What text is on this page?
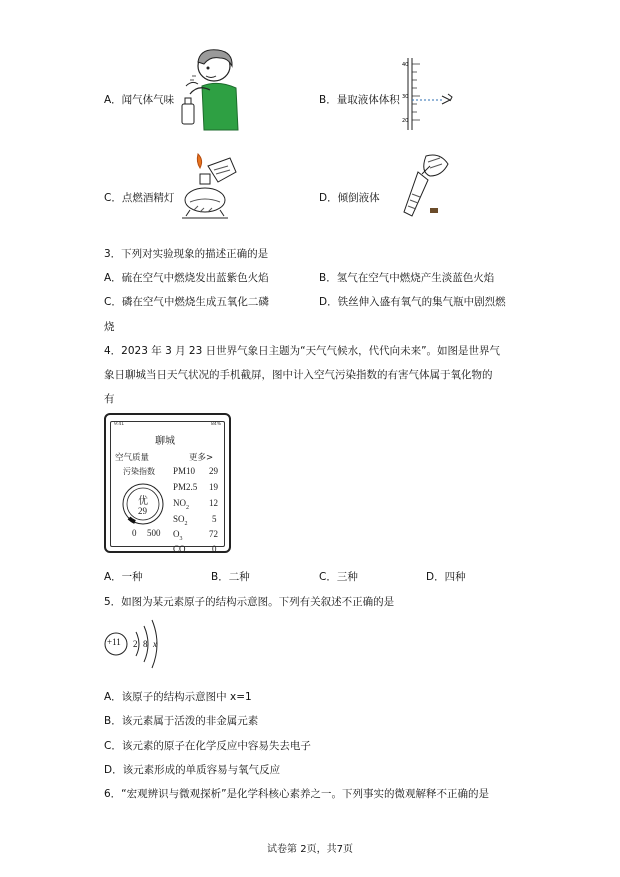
A．闻气体气味	B．量取液体体积
40
30
20
C．点燃酒精灯	D．倾倒液体
3．下列对实验现象的描述正确的是
A．硫在空气中燃烧发出蓝紫色火焰	B．氢气在空气中燃烧产生淡蓝色火焰
C．磷在空气中燃烧生成五氧化二磷	D．铁丝伸入盛有氧气的集气瓶中剧烈燃
烧
4．2023 年 3 月 23 日世界气象日主题为“天气气候水，代代向未来”。如图是世界气
象日聊城当日天气状况的手机截屏，图中计入空气污染指数的有害气体属于氧化物的
有
9:41	84%
聊城
空气质量	更多>
污染指数
优
29
0 500
PM10 29
PM2.5 19
$NO_2$ 12
$SO_2$	5
$O_3$	72
CO	0
A．一种	B．二种	C．三种	D．四种
5．如图为某元素原子的结构示意图。下列有关叙述不正确的是
+11 2 8 x
A．该原子的结构示意图中 x=1
B．该元素属于活泼的非金属元素
C．该元素的原子在化学反应中容易失去电子
D．该元素形成的单质容易与氧气反应
6．“宏观辨识与微观探析”是化学科核心素养之一。下列事实的微观解释不正确的是
试卷第 2页，共7页
